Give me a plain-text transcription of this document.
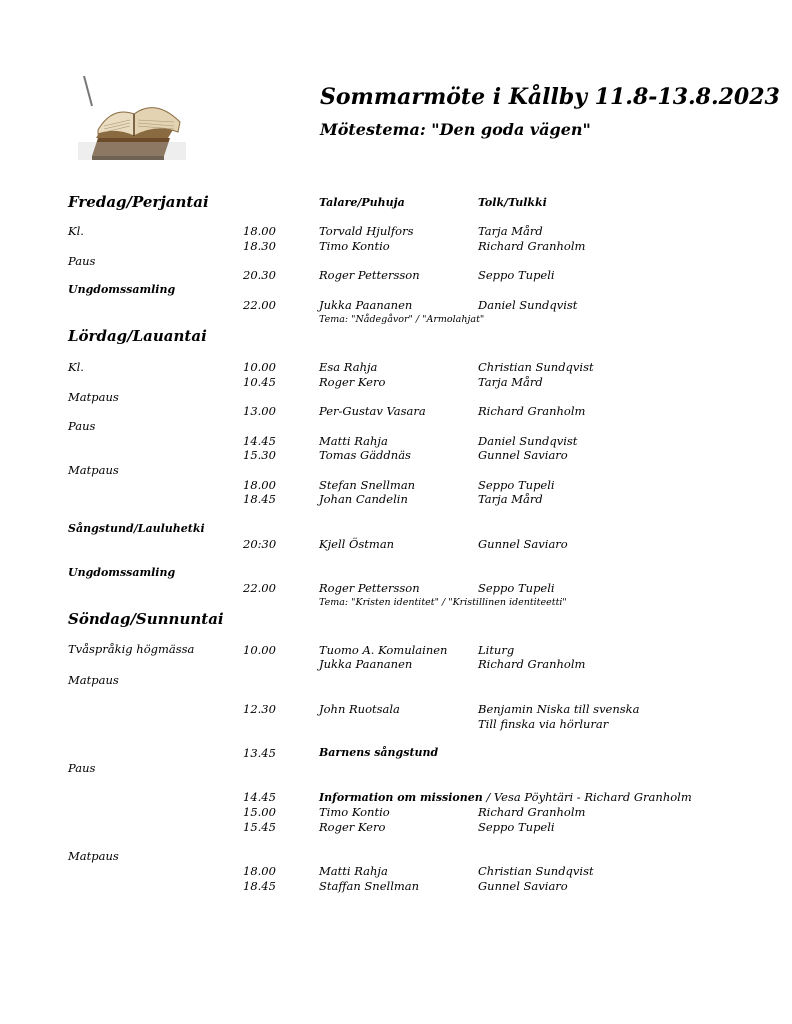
Sommarmöte i Kållby 11.8-13.8.2023
Mötestema: "Den goda vägen"
Fredag/Perjantai	Talare/Puhuja	Tolk/Tulkki
Kl.	18.00	Torvald Hjulfors	Tarja Mård
18.30	Timo Kontio	Richard Granholm
Paus
20.30	Roger Pettersson	Seppo Tupeli
Ungdomssamling
22.00	Jukka Paananen	Daniel Sundqvist
Tema: "Nådegåvor" / "Armolahjat"
Lördag/Lauantai
Kl.	10.00	Esa Rahja	Christian Sundqvist
10.45	Roger Kero	Tarja Mård
Matpaus
13.00	Per-Gustav Vasara	Richard Granholm
Paus
14.45	Matti Rahja	Daniel Sundqvist
15.30	Tomas Gäddnäs	Gunnel Saviaro
Matpaus
18.00	Stefan Snellman	Seppo Tupeli
18.45	Johan Candelin	Tarja Mård
Sångstund/Lauluhetki
20:30	Kjell Östman	Gunnel Saviaro
Ungdomssamling
22.00	Roger Pettersson	Seppo Tupeli
Tema: "Kristen identitet" / "Kristillinen identiteetti"
Söndag/Sunnuntai
Tvåspråkig högmässa	10.00	Tuomo A. Komulainen	Liturg
Jukka Paananen	Richard Granholm
Matpaus
12.30	John Ruotsala	Benjamin Niska till svenska
Till finska via hörlurar
13.45	Barnens sångstund
Paus
14.45	Information om missionen / Vesa Pöyhtäri - Richard Granholm
15.00	Timo Kontio	Richard Granholm
15.45	Roger Kero	Seppo Tupeli
Matpaus
18.00	Matti Rahja	Christian Sundqvist
18.45	Staffan Snellman	Gunnel Saviaro
